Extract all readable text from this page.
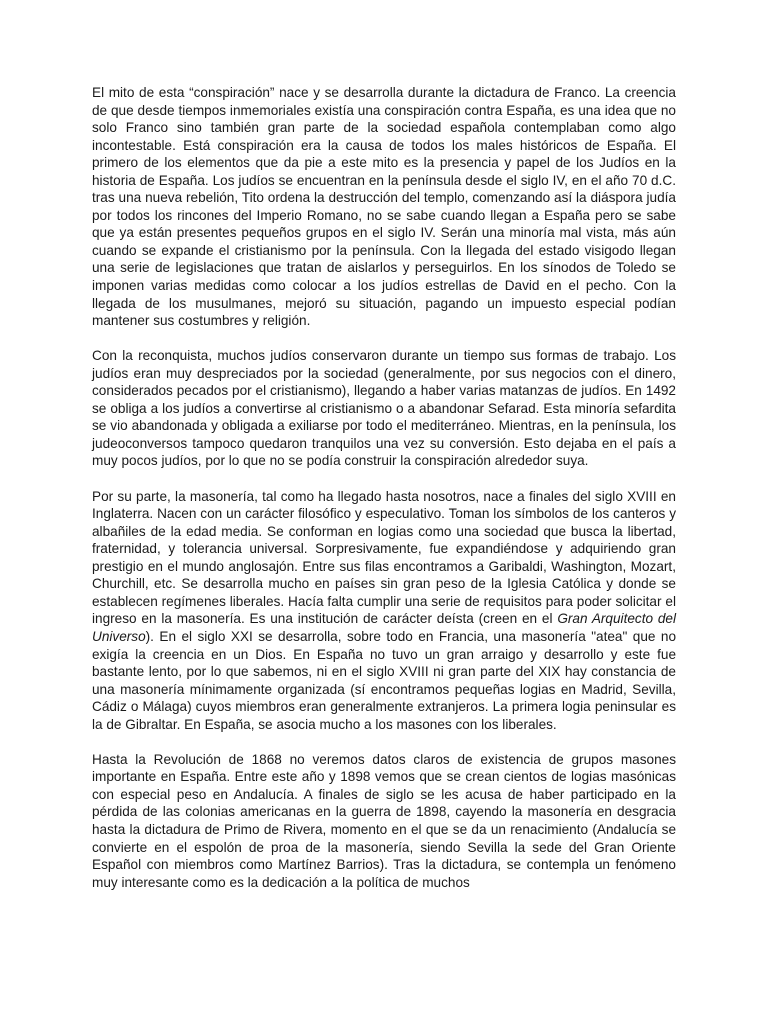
El mito de esta “conspiración” nace y se desarrolla durante la dictadura de Franco. La creencia de que desde tiempos inmemoriales existía una conspiración contra España, es una idea que no solo Franco sino también gran parte de la sociedad española contemplaban como algo incontestable. Está conspiración era la causa de todos los males históricos de España. El primero de los elementos que da pie a este mito es la presencia y papel de los Judíos en la historia de España. Los judíos se encuentran en la península desde el siglo IV, en el año 70 d.C. tras una nueva rebelión, Tito ordena la destrucción del templo, comenzando así la diáspora judía por todos los rincones del Imperio Romano, no se sabe cuando llegan a España pero se sabe que ya están presentes pequeños grupos en el siglo IV. Serán una minoría mal vista, más aún cuando se expande el cristianismo por la península. Con la llegada del estado visigodo llegan una serie de legislaciones que tratan de aislarlos y perseguirlos. En los sínodos de Toledo se imponen varias medidas como colocar a los judíos estrellas de David en el pecho. Con la llegada de los musulmanes, mejoró su situación, pagando un impuesto especial podían mantener sus costumbres y religión.

Con la reconquista, muchos judíos conservaron durante un tiempo sus formas de trabajo. Los judíos eran muy despreciados por la sociedad (generalmente, por sus negocios con el dinero, considerados pecados por el cristianismo), llegando a haber varias matanzas de judíos. En 1492 se obliga a los judíos a convertirse al cristianismo o a abandonar Sefarad. Esta minoría sefardita se vio abandonada y obligada a exiliarse por todo el mediterráneo. Mientras, en la península, los judeoconversos tampoco quedaron tranquilos una vez su conversión. Esto dejaba en el país a muy pocos judíos, por lo que no se podía construir la conspiración alrededor suya.

Por su parte, la masonería, tal como ha llegado hasta nosotros, nace a finales del siglo XVIII en Inglaterra. Nacen con un carácter filosófico y especulativo. Toman los símbolos de los canteros y albañiles de la edad media. Se conforman en logias como una sociedad que busca la libertad, fraternidad, y tolerancia universal. Sorpresivamente, fue expandiéndose y adquiriendo gran prestigio en el mundo anglosajón. Entre sus filas encontramos a Garibaldi, Washington, Mozart, Churchill, etc. Se desarrolla mucho en países sin gran peso de la Iglesia Católica y donde se establecen regímenes liberales. Hacía falta cumplir una serie de requisitos para poder solicitar el ingreso en la masonería. Es una institución de carácter deísta (creen en el Gran Arquitecto del Universo). En el siglo XXI se desarrolla, sobre todo en Francia, una masonería "atea" que no exigía la creencia en un Dios. En España no tuvo un gran arraigo y desarrollo y este fue bastante lento, por lo que sabemos, ni en el siglo XVIII ni gran parte del XIX hay constancia de una masonería mínimamente organizada (sí encontramos pequeñas logias en Madrid, Sevilla, Cádiz o Málaga) cuyos miembros eran generalmente extranjeros. La primera logia peninsular es la de Gibraltar. En España, se asocia mucho a los masones con los liberales.

Hasta la Revolución de 1868 no veremos datos claros de existencia de grupos masones importante en España. Entre este año y 1898 vemos que se crean cientos de logias masónicas con especial peso en Andalucía. A finales de siglo se les acusa de haber participado en la pérdida de las colonias americanas en la guerra de 1898, cayendo la masonería en desgracia hasta la dictadura de Primo de Rivera, momento en el que se da un renacimiento (Andalucía se convierte en el espolón de proa de la masonería, siendo Sevilla la sede del Gran Oriente Español con miembros como Martínez Barrios). Tras la dictadura, se contempla un fenómeno muy interesante como es la dedicación a la política de muchos
